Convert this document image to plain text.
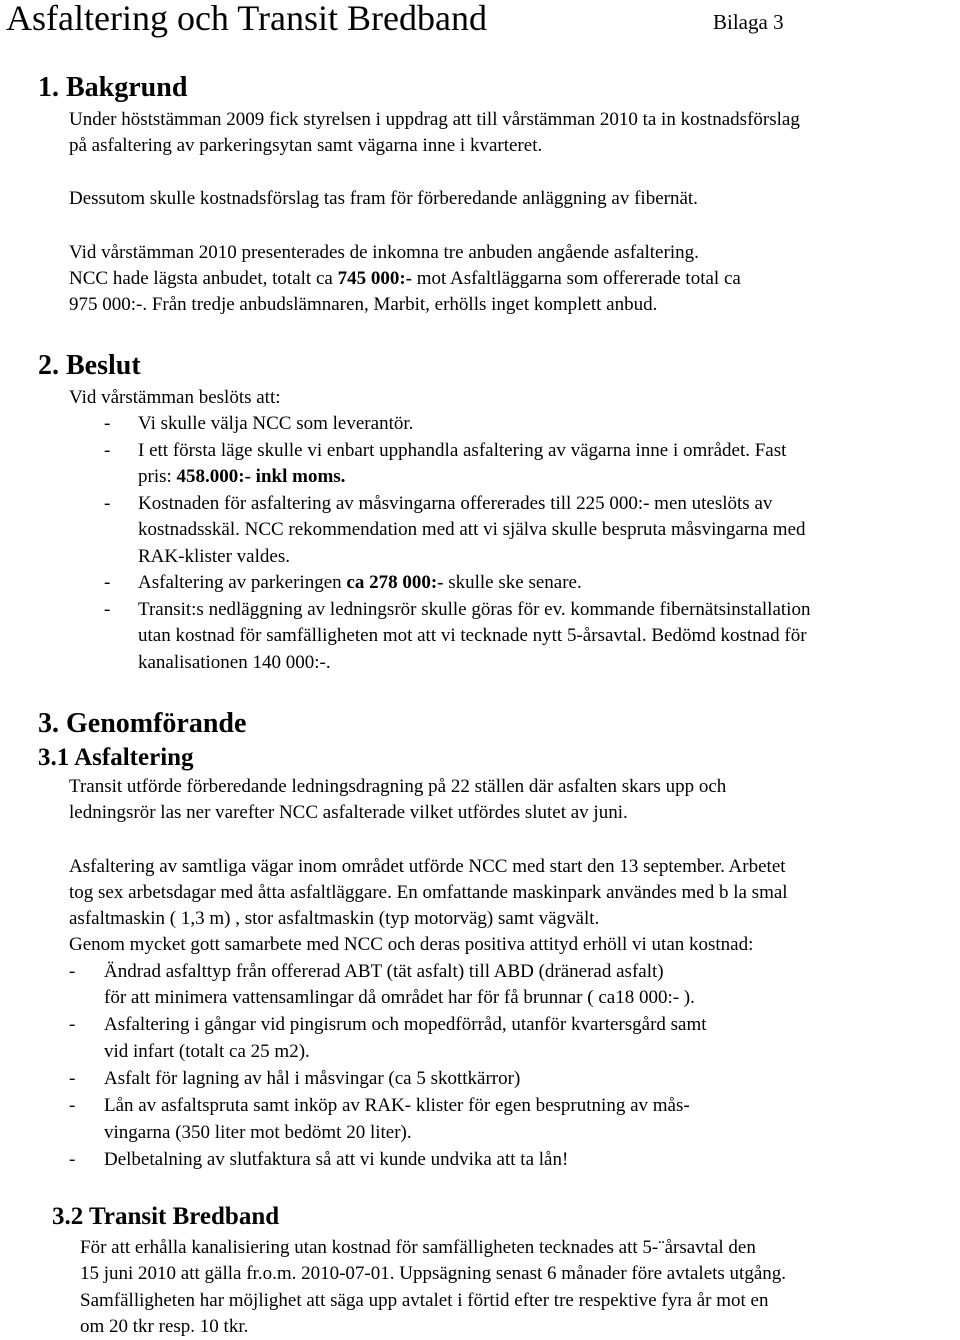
Asfaltering och Transit Bredband	Bilaga 3
1. Bakgrund
Under höststämman 2009 fick styrelsen i uppdrag att till vårstämman 2010 ta in kostnadsförslag
på asfaltering av parkeringsytan samt vägarna inne i kvarteret.
Dessutom skulle kostnadsförslag tas fram för förberedande anläggning av fibernät.
Vid vårstämman 2010 presenterades de inkomna tre anbuden angående asfaltering.
NCC hade lägsta anbudet, totalt ca 745 000:- mot Asfaltläggarna som offererade total ca
975 000:-. Från tredje anbudslämnaren, Marbit, erhölls inget komplett anbud.
2. Beslut
Vid vårstämman beslöts att:
- Vi skulle välja NCC som leverantör.
- I ett första läge skulle vi enbart upphandla asfaltering av vägarna inne i området. Fast
pris: 458.000:- inkl moms.
- Kostnaden för asfaltering av måsvingarna offererades till 225 000:- men uteslöts av
kostnadsskäl. NCC rekommendation med att vi själva skulle bespruta måsvingarna med
RAK-klister valdes.
- Asfaltering av parkeringen ca 278 000:- skulle ske senare.
- Transit:s nedläggning av ledningsrör skulle göras för ev. kommande fibernätsinstallation
utan kostnad för samfälligheten mot att vi tecknade nytt 5-årsavtal. Bedömd kostnad för
kanalisationen 140 000:-.
3. Genomförande
3.1 Asfaltering
Transit utförde förberedande ledningsdragning på 22 ställen där asfalten skars upp och
ledningsrör las ner varefter NCC asfalterade vilket utfördes slutet av juni.
Asfaltering av samtliga vägar inom området utförde NCC med start den 13 september. Arbetet
tog sex arbetsdagar med åtta asfaltläggare. En omfattande maskinpark användes med b la smal
asfaltmaskin ( 1,3 m) , stor asfaltmaskin (typ motorväg) samt vägvält.
Genom mycket gott samarbete med NCC och deras positiva attityd erhöll vi utan kostnad:
- Ändrad asfalttyp från offererad ABT (tät asfalt) till ABD (dränerad asfalt)
för att minimera vattensamlingar då området har för få brunnar ( ca18 000:- ).
- Asfaltering i gångar vid pingisrum och mopedförråd, utanför kvartersgård samt
vid infart (totalt ca 25 m2).
- Asfalt för lagning av hål i måsvingar (ca 5 skottkärror)
- Lån av asfaltspruta samt inköp av RAK- klister för egen besprutning av mås-
vingarna (350 liter mot bedömt 20 liter).
- Delbetalning av slutfaktura så att vi kunde undvika att ta lån!
3.2 Transit Bredband
För att erhålla kanalisiering utan kostnad för samfälligheten tecknades att 5-¨årsavtal den
15 juni 2010 att gälla fr.o.m. 2010-07-01. Uppsägning senast 6 månader före avtalets utgång.
Samfälligheten har möjlighet att säga upp avtalet i förtid efter tre respektive fyra år mot en
om 20 tkr resp. 10 tkr.
